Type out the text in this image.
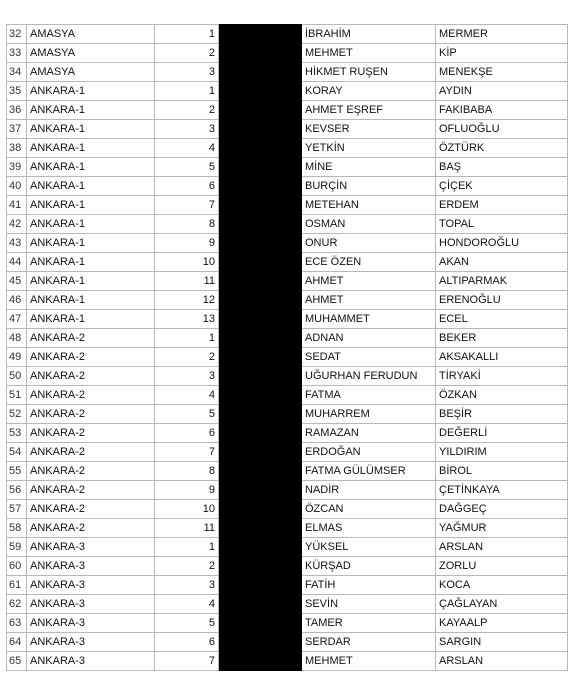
32	AMASYA	1		İBRAHİM	MERMER
33	AMASYA	2		MEHMET	KİP
34	AMASYA	3		HİKMET RUŞEN	MENEKŞE
35	ANKARA-1	1		KORAY	AYDIN
36	ANKARA-1	2		AHMET EŞREF	FAKIBABA
37	ANKARA-1	3		KEVSER	OFLUOĞLU
38	ANKARA-1	4		YETKİN	ÖZTÜRK
39	ANKARA-1	5		MİNE	BAŞ
40	ANKARA-1	6		BURÇİN	ÇİÇEK
41	ANKARA-1	7		METEHAN	ERDEM
42	ANKARA-1	8		OSMAN	TOPAL
43	ANKARA-1	9		ONUR	HONDOROĞLU
44	ANKARA-1	10		ECE ÖZEN	AKAN
45	ANKARA-1	11		AHMET	ALTIPARMAK
46	ANKARA-1	12		AHMET	ERENOĞLU
47	ANKARA-1	13		MUHAMMET	ECEL
48	ANKARA-2	1		ADNAN	BEKER
49	ANKARA-2	2		SEDAT	AKSAKALLI
50	ANKARA-2	3		UĞURHAN FERUDUN	TİRYAKİ
51	ANKARA-2	4		FATMA	ÖZKAN
52	ANKARA-2	5		MUHARREM	BEŞİR
53	ANKARA-2	6		RAMAZAN	DEĞERLİ
54	ANKARA-2	7		ERDOĞAN	YILDIRIM
55	ANKARA-2	8		FATMA GÜLÜMSER	BİROL
56	ANKARA-2	9		NADİR	ÇETİNKAYA
57	ANKARA-2	10		ÖZCAN	DAĞGEÇ
58	ANKARA-2	11		ELMAS	YAĞMUR
59	ANKARA-3	1		YÜKSEL	ARSLAN
60	ANKARA-3	2		KÜRŞAD	ZORLU
61	ANKARA-3	3		FATİH	KOCA
62	ANKARA-3	4		SEVİN	ÇAĞLAYAN
63	ANKARA-3	5		TAMER	KAYAALP
64	ANKARA-3	6		SERDAR	SARGIN
65	ANKARA-3	7		MEHMET	ARSLAN
